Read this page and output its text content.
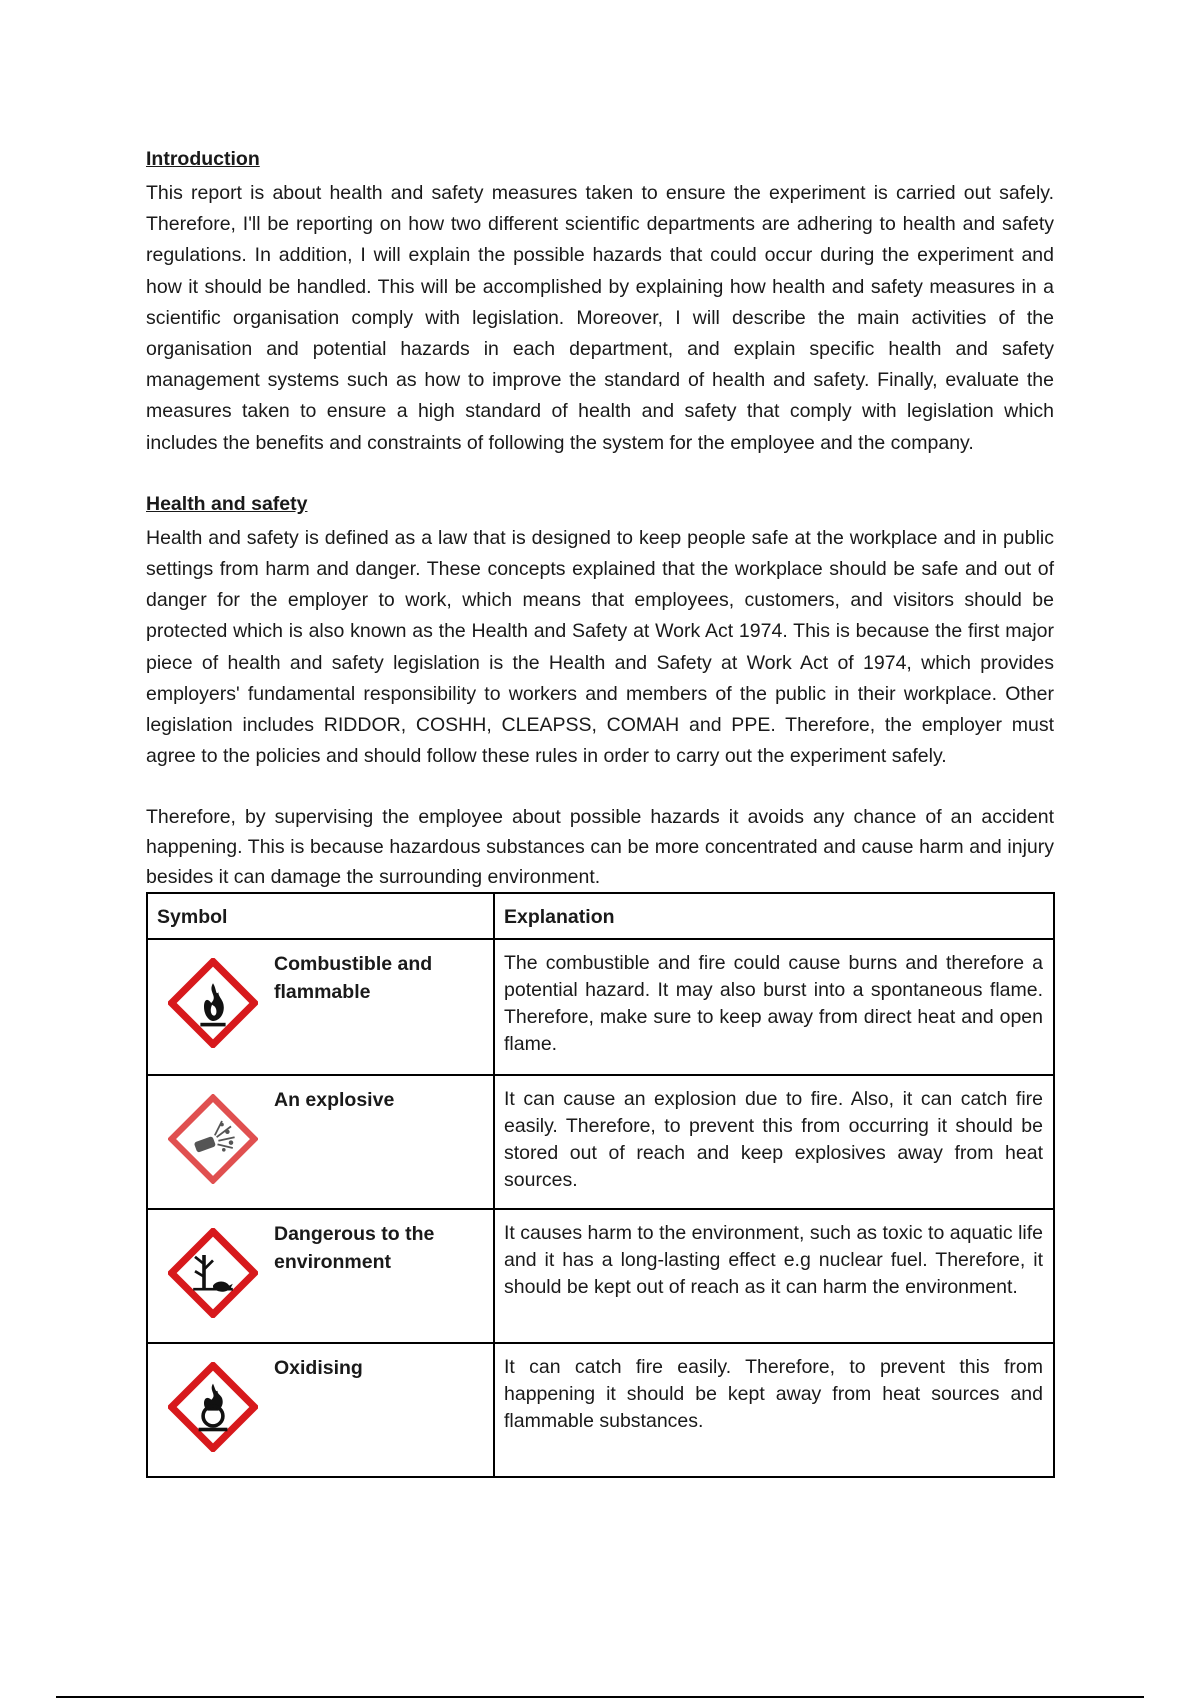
Introduction

This report is about health and safety measures taken to ensure the experiment is carried out safely. Therefore, I'll be reporting on how two different scientific departments are adhering to health and safety regulations. In addition, I will explain the possible hazards that could occur during the experiment and how it should be handled. This will be accomplished by explaining how health and safety measures in a scientific organisation comply with legislation. Moreover, I will describe the main activities of the organisation and potential hazards in each department, and explain specific health and safety management systems such as how to improve the standard of health and safety. Finally, evaluate the measures taken to ensure a high standard of health and safety that comply with legislation which includes the benefits and constraints of following the system for the employee and the company.

Health and safety

Health and safety is defined as a law that is designed to keep people safe at the workplace and in public settings from harm and danger. These concepts explained that the workplace should be safe and out of danger for the employer to work, which means that employees, customers, and visitors should be protected which is also known as the Health and Safety at Work Act 1974. This is because the first major piece of health and safety legislation is the Health and Safety at Work Act of 1974, which provides employers' fundamental responsibility to workers and members of the public in their workplace. Other legislation includes RIDDOR, COSHH, CLEAPSS, COMAH and PPE. Therefore, the employer must agree to the policies and should follow these rules in order to carry out the experiment safely.

Therefore, by supervising the employee about possible hazards it avoids any chance of an accident happening. This is because hazardous substances can be more concentrated and cause harm and injury besides it can damage the surrounding environment.

Symbol	Explanation

Combustible and flammable	The combustible and fire could cause burns and therefore a potential hazard. It may also burst into a spontaneous flame. Therefore, make sure to keep away from direct heat and open flame.

An explosive	It can cause an explosion due to fire. Also, it can catch fire easily. Therefore, to prevent this from occurring it should be stored out of reach and keep explosives away from heat sources.

Dangerous to the environment	It causes harm to the environment, such as toxic to aquatic life and it has a long-lasting effect e.g nuclear fuel. Therefore, it should be kept out of reach as it can harm the environment.

Oxidising	It can catch fire easily. Therefore, to prevent this from happening it should be kept away from heat sources and flammable substances.
